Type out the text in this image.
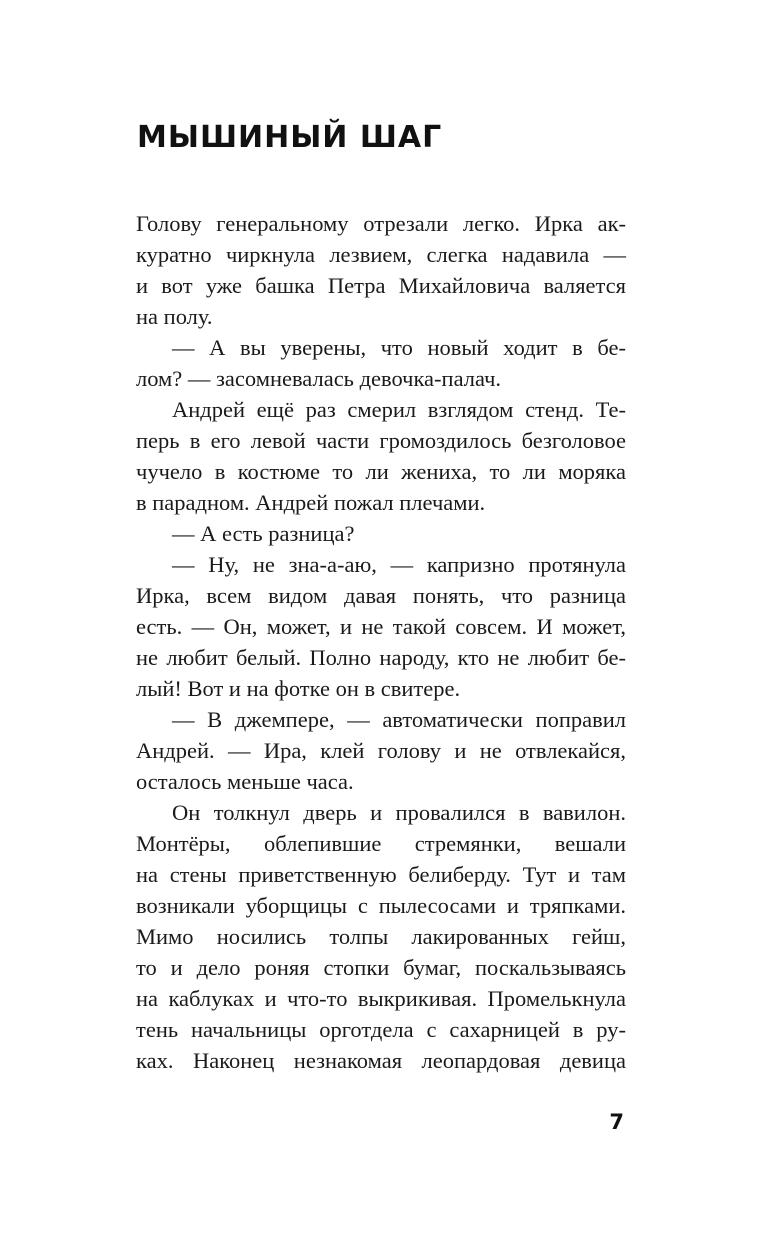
МЫШИНЫЙ ШАГ
Голову генеральному отрезали легко. Ирка ак-
куратно чиркнула лезвием, слегка надавила —
и вот уже башка Петра Михайловича валяется
на полу.
— А вы уверены, что новый ходит в бе-
лом? — засомневалась девочка-палач.
Андрей ещё раз смерил взглядом стенд. Те-
перь в его левой части громоздилось безголовое
чучело в костюме то ли жениха, то ли моряка
в парадном. Андрей пожал плечами.
— А есть разница?
— Ну, не зна-а-аю, — капризно протянула
Ирка, всем видом давая понять, что разница
есть. — Он, может, и не такой совсем. И может,
не любит белый. Полно народу, кто не любит бе-
лый! Вот и на фотке он в свитере.
— В джемпере, — автоматически поправил
Андрей. — Ира, клей голову и не отвлекайся,
осталось меньше часа.
Он толкнул дверь и провалился в вавилон.
Монтёры, облепившие стремянки, вешали
на стены приветственную белиберду. Тут и там
возникали уборщицы с пылесосами и тряпками.
Мимо носились толпы лакированных гейш,
то и дело роняя стопки бумаг, поскальзываясь
на каблуках и что-то выкрикивая. Промелькнула
тень начальницы орготдела с сахарницей в ру-
ках. Наконец незнакомая леопардовая девица
7
